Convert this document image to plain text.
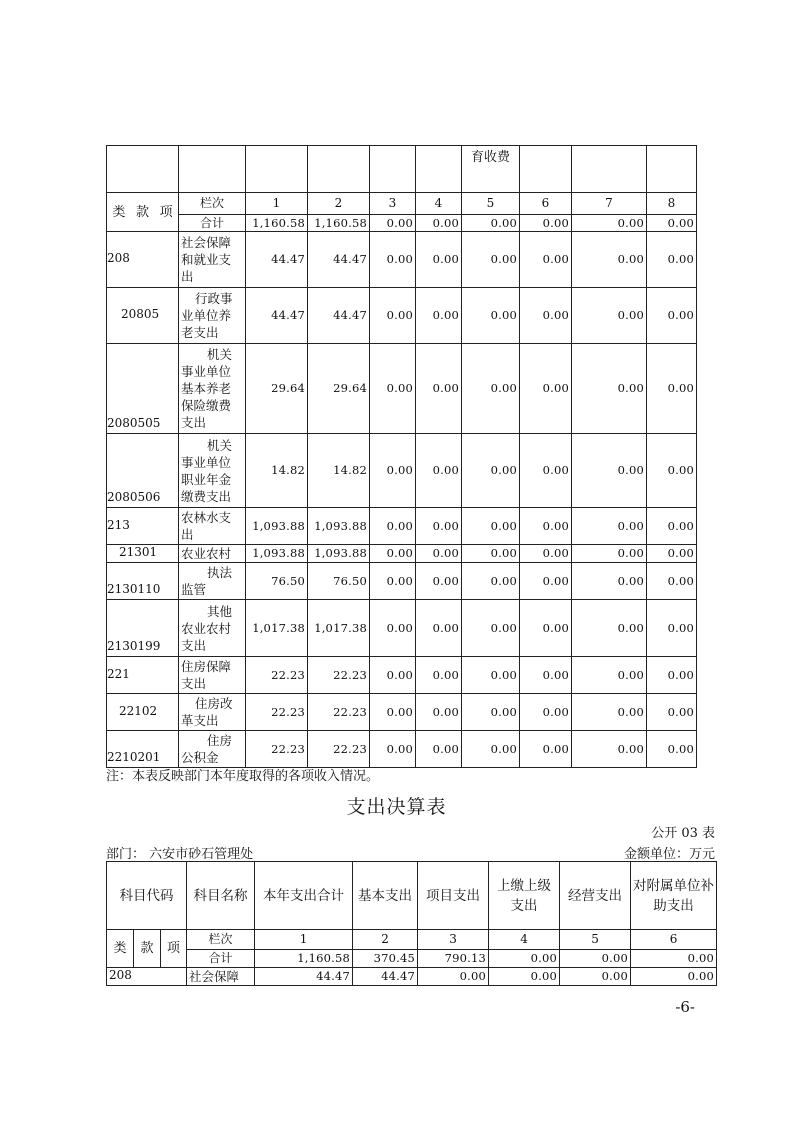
						育收费			

类 款 项	栏次	1	2	3	4	5	6	7	8
	合计	1,160.58	1,160.58	0.00	0.00	0.00	0.00	0.00	0.00
208	社会保障和就业支出	44.47	44.47	0.00	0.00	0.00	0.00	0.00	0.00
20805	行政事业单位养老支出	44.47	44.47	0.00	0.00	0.00	0.00	0.00	0.00
2080505	机关事业单位基本养老保险缴费支出	29.64	29.64	0.00	0.00	0.00	0.00	0.00	0.00
2080506	机关事业单位职业年金缴费支出	14.82	14.82	0.00	0.00	0.00	0.00	0.00	0.00
213	农林水支出	1,093.88	1,093.88	0.00	0.00	0.00	0.00	0.00	0.00
21301	农业农村	1,093.88	1,093.88	0.00	0.00	0.00	0.00	0.00	0.00
2130110	执法监管	76.50	76.50	0.00	0.00	0.00	0.00	0.00	0.00
2130199	其他农业农村支出	1,017.38	1,017.38	0.00	0.00	0.00	0.00	0.00	0.00
221	住房保障支出	22.23	22.23	0.00	0.00	0.00	0.00	0.00	0.00
22102	住房改革支出	22.23	22.23	0.00	0.00	0.00	0.00	0.00	0.00
2210201	住房公积金	22.23	22.23	0.00	0.00	0.00	0.00	0.00	0.00
注：本表反映部门本年度取得的各项收入情况。
支出决算表
公开 03 表
部门： 六安市砂石管理处	金额单位：万元
科目代码			科目名称	本年支出合计	基本支出	项目支出	上缴上级支出	经营支出	对附属单位补助支出
类	款	项	栏次	1	2	3	4	5	6
			合计	1,160.58	370.45	790.13	0.00	0.00	0.00
208			社会保障	44.47	44.47	0.00	0.00	0.00	0.00
-6-
